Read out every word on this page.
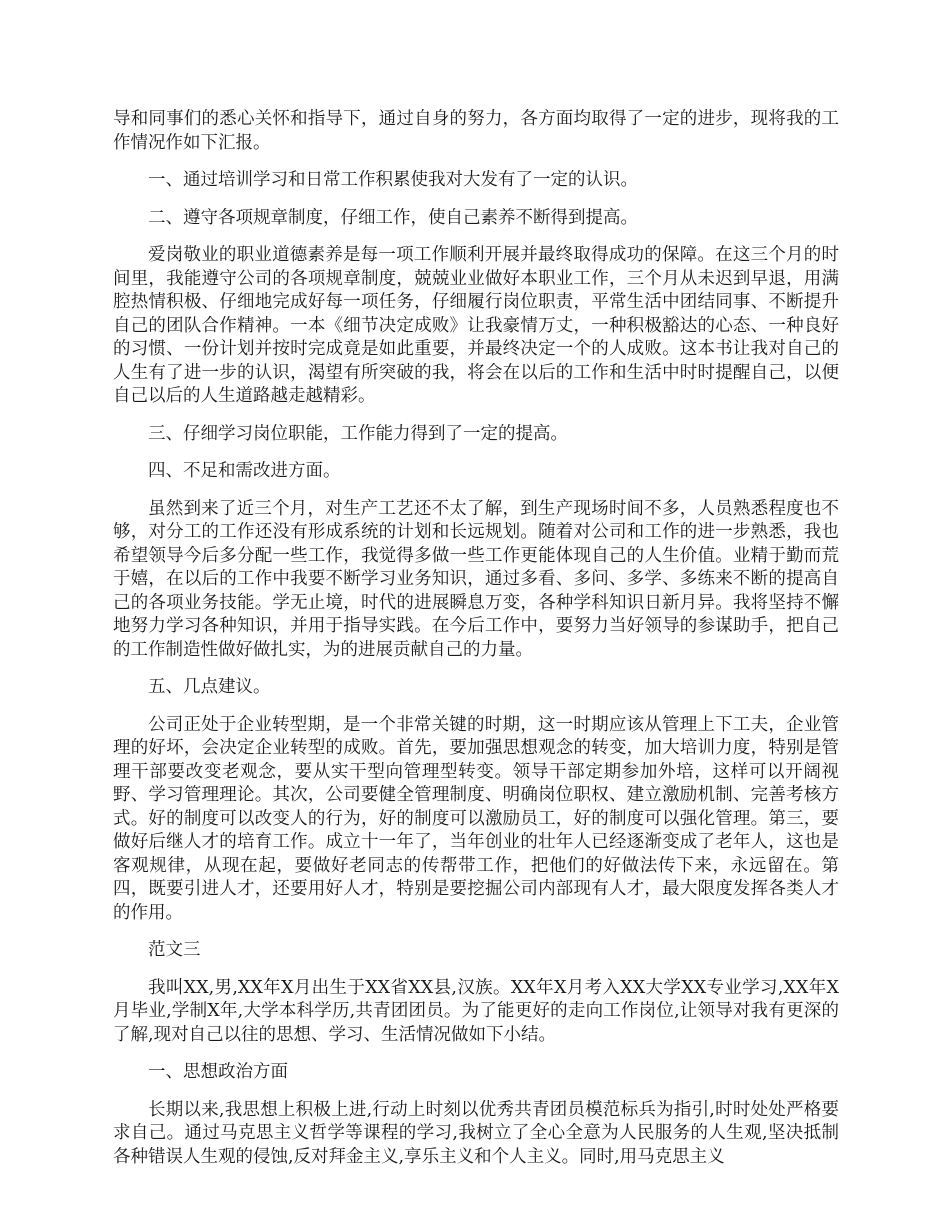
导和同事们的悉心关怀和指导下，通过自身的努力，各方面均取得了一定的进步，现将我的工作情况作如下汇报。

一、通过培训学习和日常工作积累使我对大发有了一定的认识。

二、遵守各项规章制度，仔细工作，使自己素养不断得到提高。

爱岗敬业的职业道德素养是每一项工作顺利开展并最终取得成功的保障。在这三个月的时间里，我能遵守公司的各项规章制度，兢兢业业做好本职业工作，三个月从未迟到早退，用满腔热情积极、仔细地完成好每一项任务，仔细履行岗位职责，平常生活中团结同事、不断提升自己的团队合作精神。一本《细节决定成败》让我豪情万丈，一种积极豁达的心态、一种良好的习惯、一份计划并按时完成竟是如此重要，并最终决定一个的人成败。这本书让我对自己的人生有了进一步的认识，渴望有所突破的我，将会在以后的工作和生活中时时提醒自己，以便自己以后的人生道路越走越精彩。

三、仔细学习岗位职能，工作能力得到了一定的提高。

四、不足和需改进方面。

虽然到来了近三个月，对生产工艺还不太了解，到生产现场时间不多，人员熟悉程度也不够，对分工的工作还没有形成系统的计划和长远规划。随着对公司和工作的进一步熟悉，我也希望领导今后多分配一些工作，我觉得多做一些工作更能体现自己的人生价值。业精于勤而荒于嬉，在以后的工作中我要不断学习业务知识，通过多看、多问、多学、多练来不断的提高自己的各项业务技能。学无止境，时代的进展瞬息万变，各种学科知识日新月异。我将坚持不懈地努力学习各种知识，并用于指导实践。在今后工作中，要努力当好领导的参谋助手，把自己的工作制造性做好做扎实，为的进展贡献自己的力量。

五、几点建议。

公司正处于企业转型期，是一个非常关键的时期，这一时期应该从管理上下工夫，企业管理的好坏，会决定企业转型的成败。首先，要加强思想观念的转变，加大培训力度，特别是管理干部要改变老观念，要从实干型向管理型转变。领导干部定期参加外培，这样可以开阔视野、学习管理理论。其次，公司要健全管理制度、明确岗位职权、建立激励机制、完善考核方式。好的制度可以改变人的行为，好的制度可以激励员工，好的制度可以强化管理。第三，要做好后继人才的培育工作。成立十一年了，当年创业的壮年人已经逐渐变成了老年人，这也是客观规律，从现在起，要做好老同志的传帮带工作，把他们的好做法传下来，永远留在。第四，既要引进人才，还要用好人才，特别是要挖掘公司内部现有人才，最大限度发挥各类人才的作用。

范文三

我叫XX,男,XX年X月出生于XX省XX县,汉族。XX年X月考入XX大学XX专业学习,XX年X月毕业,学制X年,大学本科学历,共青团团员。为了能更好的走向工作岗位,让领导对我有更深的了解,现对自己以往的思想、学习、生活情况做如下小结。

一、思想政治方面

长期以来,我思想上积极上进,行动上时刻以优秀共青团员模范标兵为指引,时时处处严格要求自己。通过马克思主义哲学等课程的学习,我树立了全心全意为人民服务的人生观,坚决抵制各种错误人生观的侵蚀,反对拜金主义,享乐主义和个人主义。同时,用马克思主义
